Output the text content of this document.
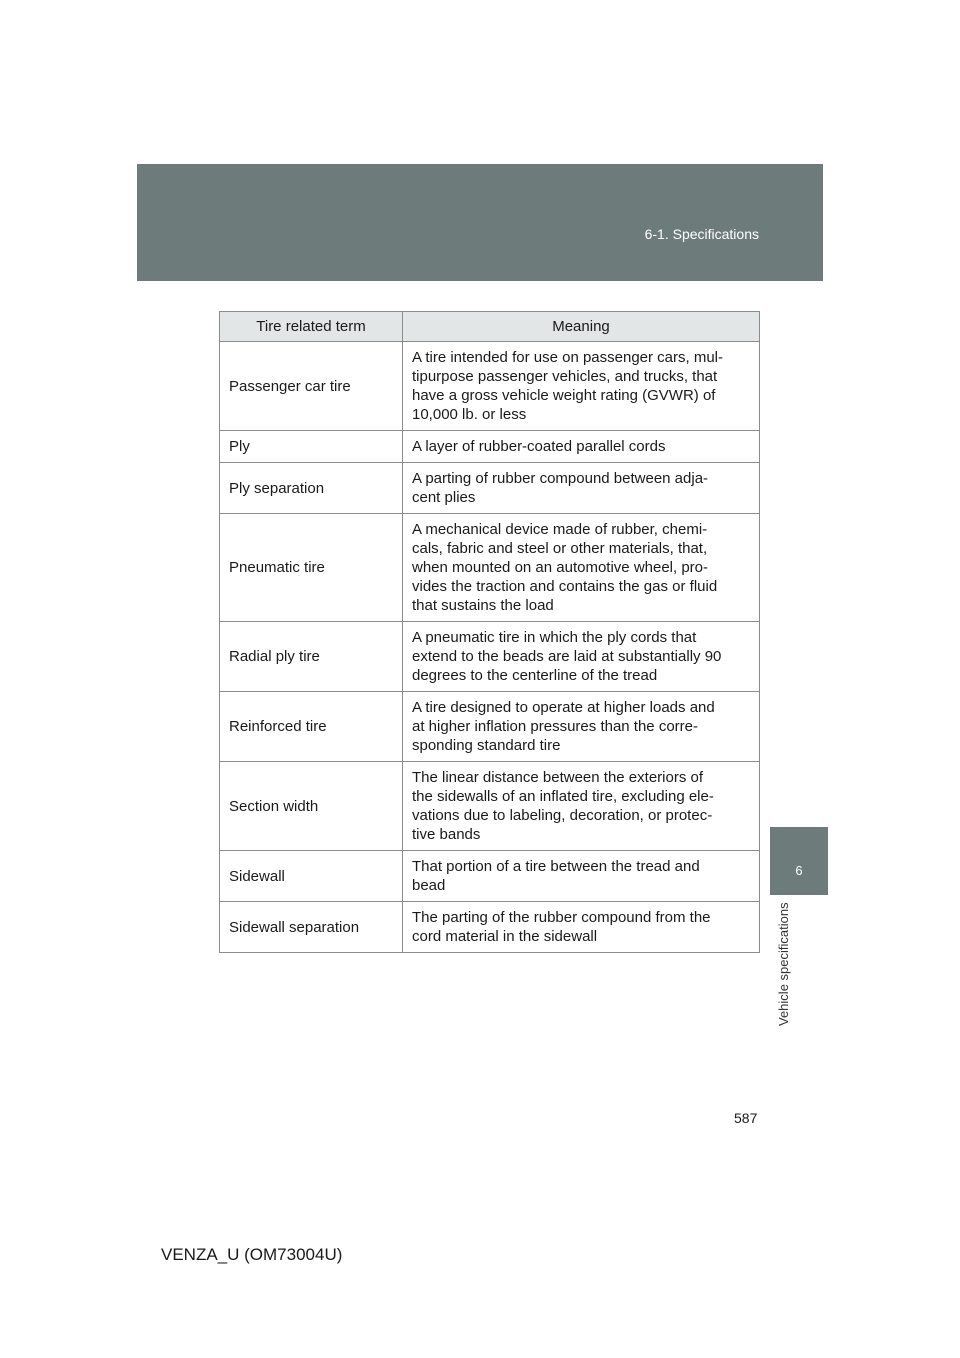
6-1. Specifications
6
Vehicle specifications
Tire related term	Meaning
Passenger car tire	A tire intended for use on passenger cars, mul-
tipurpose passenger vehicles, and trucks, that
have a gross vehicle weight rating (GVWR) of
10,000 lb. or less

Ply	A layer of rubber-coated parallel cords

Ply separation	A parting of rubber compound between adja-
cent plies

Pneumatic tire	A mechanical device made of rubber, chemi-
cals, fabric and steel or other materials, that,
when mounted on an automotive wheel, pro-
vides the traction and contains the gas or fluid
that sustains the load

Radial ply tire	A pneumatic tire in which the ply cords that
extend to the beads are laid at substantially 90
degrees to the centerline of the tread

Reinforced tire	A tire designed to operate at higher loads and
at higher inflation pressures than the corre-
sponding standard tire

Section width	The linear distance between the exteriors of
the sidewalls of an inflated tire, excluding ele-
vations due to labeling, decoration, or protec-
tive bands

Sidewall	That portion of a tire between the tread and
bead

Sidewall separation	The parting of the rubber compound from the
cord material in the sidewall
587
VENZA_U (OM73004U)
